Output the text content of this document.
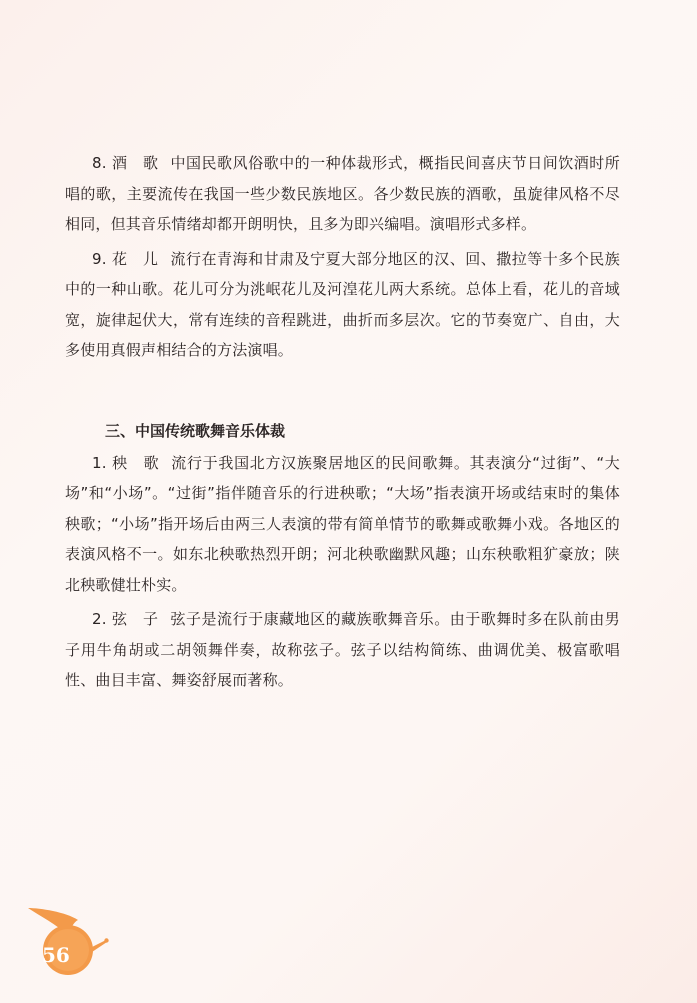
8. 酒　歌 中国民歌风俗歌中的一种体裁形式，概指民间喜庆节日间饮酒时所唱的歌，主要流传在我国一些少数民族地区。各少数民族的酒歌，虽旋律风格不尽相同，但其音乐情绪却都开朗明快，且多为即兴编唱。演唱形式多样。

9. 花　儿 流行在青海和甘肃及宁夏大部分地区的汉、回、撒拉等十多个民族中的一种山歌。花儿可分为洮岷花儿及河湟花儿两大系统。总体上看，花儿的音域宽，旋律起伏大，常有连续的音程跳进，曲折而多层次。它的节奏宽广、自由，大多使用真假声相结合的方法演唱。

三、中国传统歌舞音乐体裁

1. 秧　歌 流行于我国北方汉族聚居地区的民间歌舞。其表演分“过街”、“大场”和“小场”。“过街”指伴随音乐的行进秧歌；“大场”指表演开场或结束时的集体秧歌；“小场”指开场后由两三人表演的带有简单情节的歌舞或歌舞小戏。各地区的表演风格不一。如东北秧歌热烈开朗；河北秧歌幽默风趣；山东秧歌粗犷豪放；陕北秧歌健壮朴实。

2. 弦　子 弦子是流行于康藏地区的藏族歌舞音乐。由于歌舞时多在队前由男子用牛角胡或二胡领舞伴奏，故称弦子。弦子以结构简练、曲调优美、极富歌唱性、曲目丰富、舞姿舒展而著称。

56
